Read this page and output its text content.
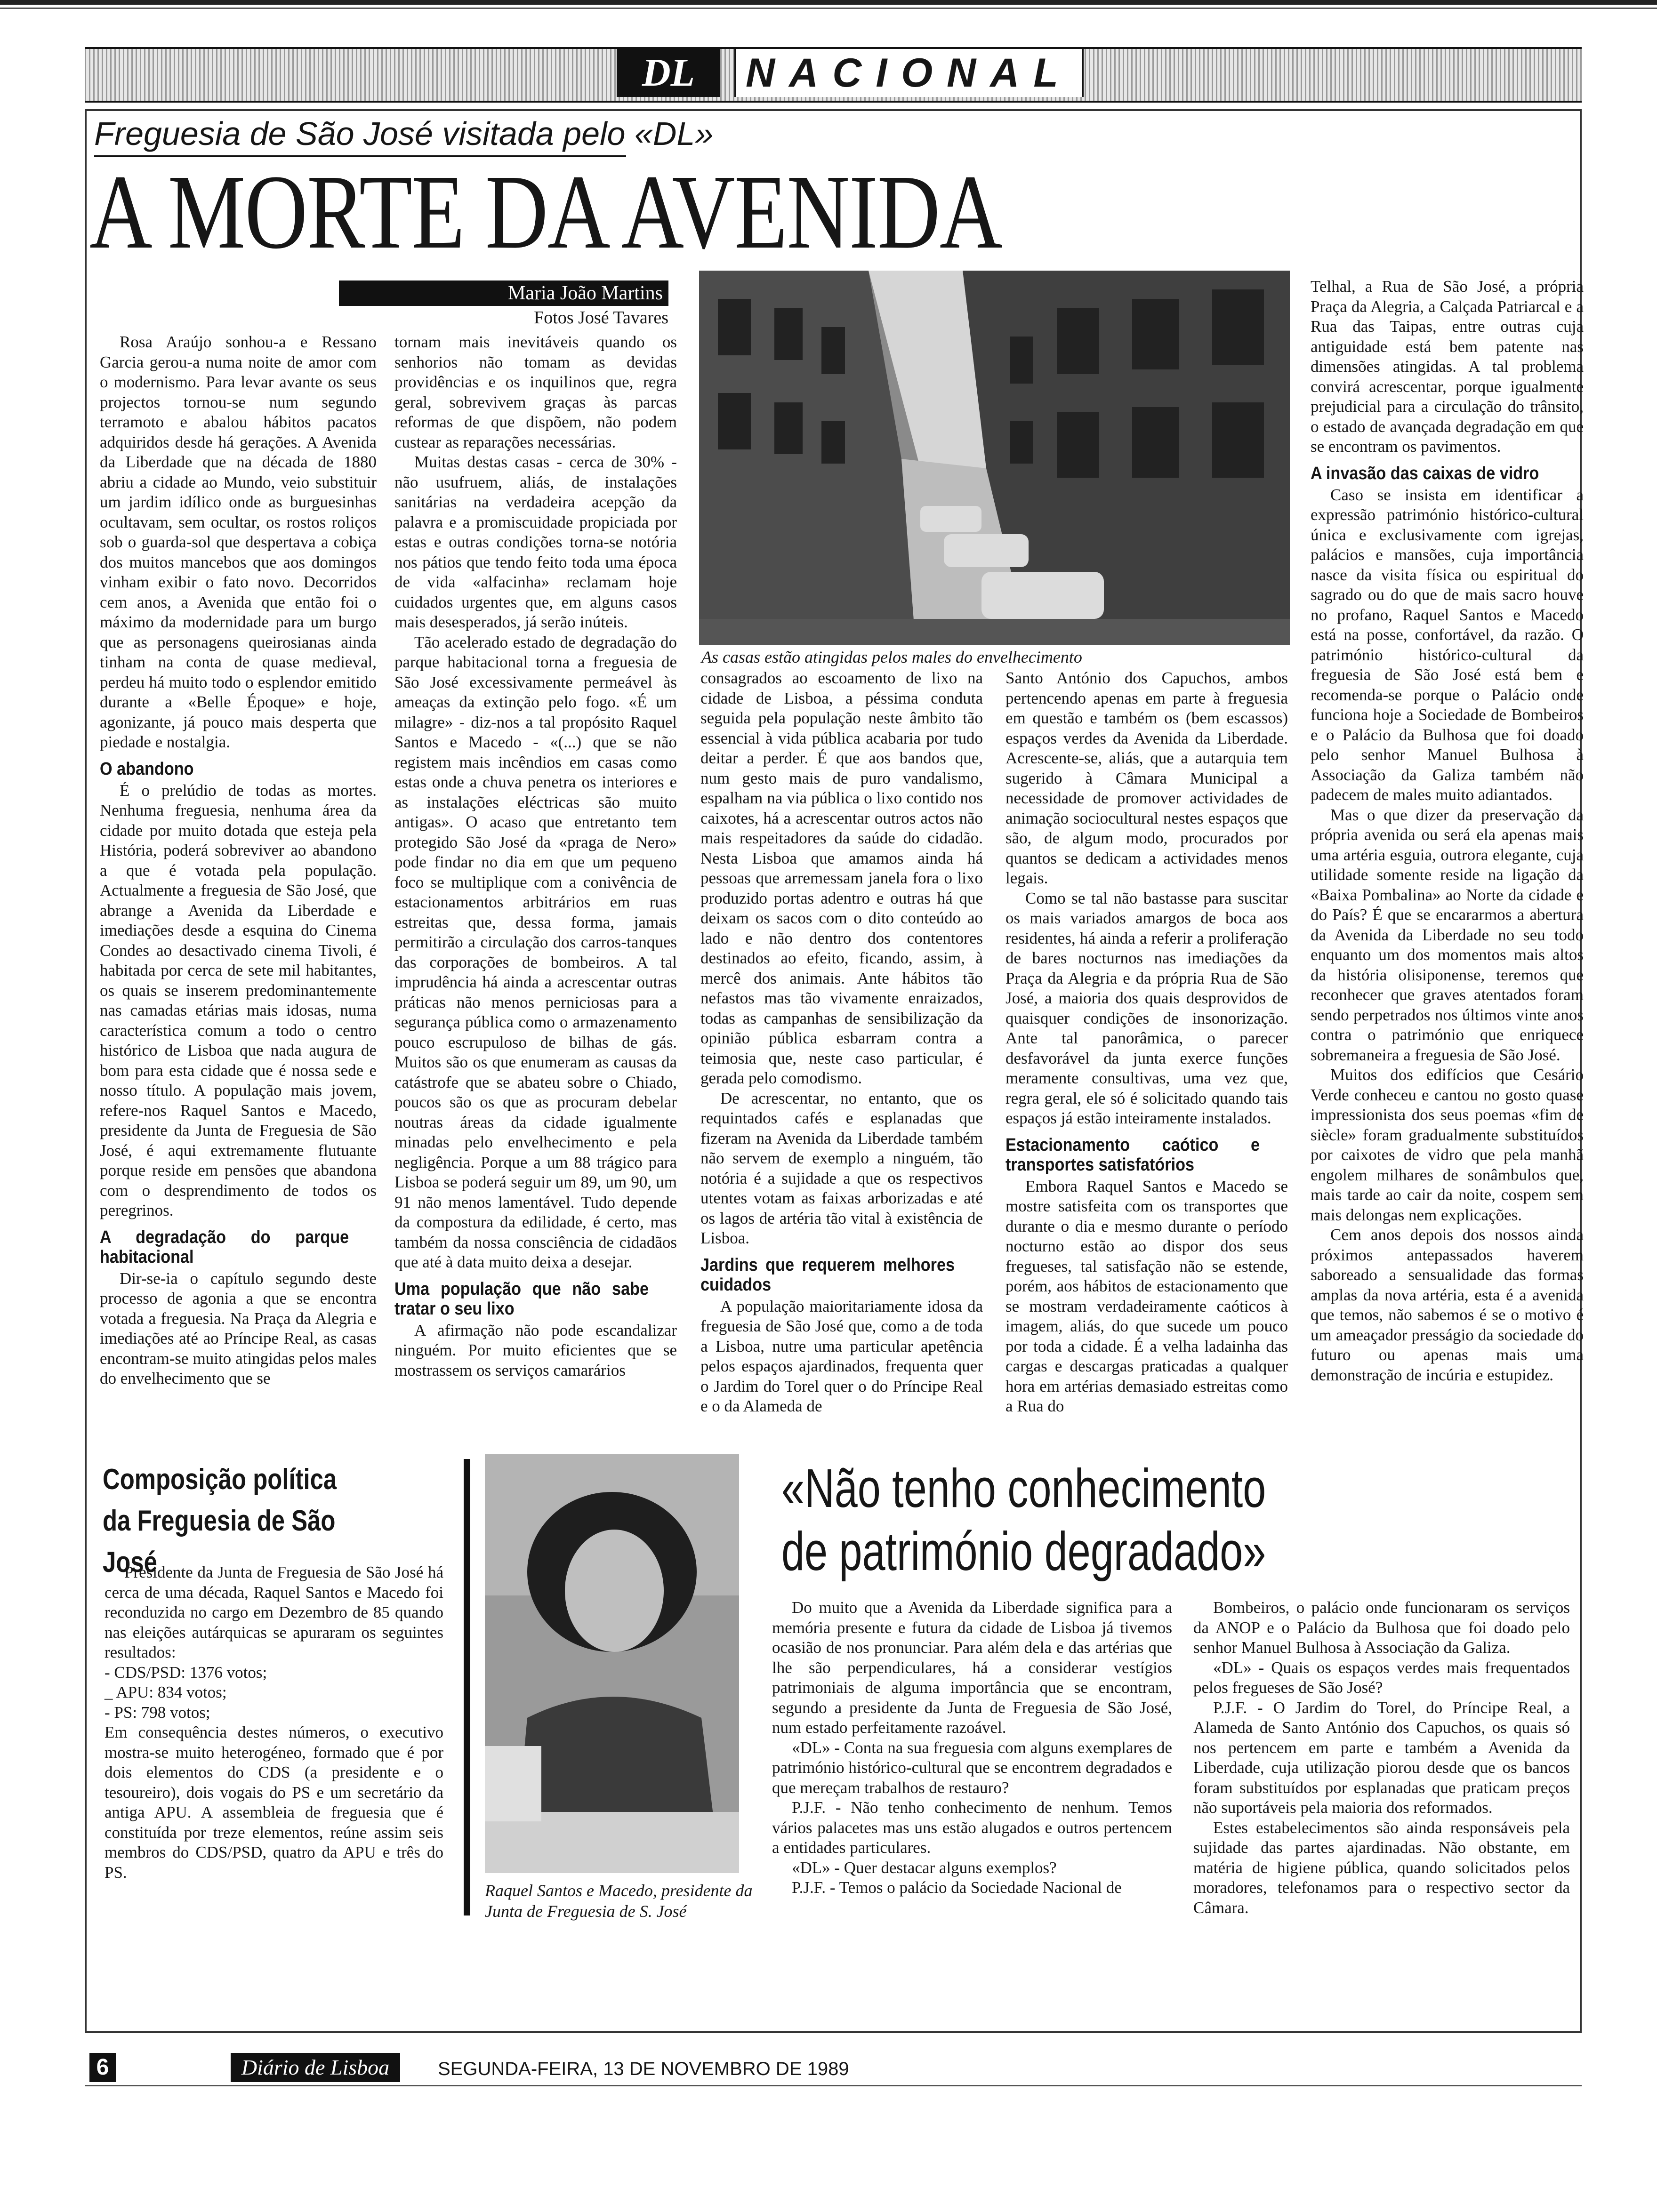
DL	NACIONAL
Freguesia de São José visitada pelo «DL»
A MORTE DA AVENIDA
Maria João Martins
Fotos José Tavares

Rosa Araújo sonhou-a e Ressano Garcia gerou-a numa noite de amor com o modernismo. Para levar avante os seus projectos tornou-se num segundo terramoto e abalou hábitos pacatos adquiridos desde há gerações. A Avenida da Liberdade que na década de 1880 abriu a cidade ao Mundo, veio substituir um jardim idílico onde as burguesinhas ocultavam, sem ocultar, os rostos roliços sob o guarda-sol que despertava a cobiça dos muitos mancebos que aos domingos vinham exibir o fato novo. Decorridos cem anos, a Avenida que então foi o máximo da modernidade para um burgo que as personagens queirosianas ainda tinham na conta de quase medieval, perdeu há muito todo o esplendor emitido durante a «Belle Époque» e hoje, agonizante, já pouco mais desperta que piedade e nostalgia.

O abandono

É o prelúdio de todas as mortes. Nenhuma freguesia, nenhuma área da cidade por muito dotada que esteja pela História, poderá sobreviver ao abandono a que é votada pela população. Actualmente a freguesia de São José, que abrange a Avenida da Liberdade e imediações desde a esquina do Cinema Condes ao desactivado cinema Tivoli, é habitada por cerca de sete mil habitantes, os quais se inserem predominantemente nas camadas etárias mais idosas, numa característica comum a todo o centro histórico de Lisboa que nada augura de bom para esta cidade que é nossa sede e nosso título. A população mais jovem, refere-nos Raquel Santos e Macedo, presidente da Junta de Freguesia de São José, é aqui extremamente flutuante porque reside em pensões que abandona com o desprendimento de todos os peregrinos.

A degradação do parque habitacional

Dir-se-ia o capítulo segundo deste processo de agonia a que se encontra votada a freguesia. Na Praça da Alegria e imediações até ao Príncipe Real, as casas encontram-se muito atingidas pelos males do envelhecimento que se

tornam mais inevitáveis quando os senhorios não tomam as devidas providências e os inquilinos que, regra geral, sobrevivem graças às parcas reformas de que dispõem, não podem custear as reparações necessárias.

Muitas destas casas - cerca de 30% - não usufruem, aliás, de instalações sanitárias na verdadeira acepção da palavra e a promiscuidade propiciada por estas e outras condições torna-se notória nos pátios que tendo feito toda uma época de vida «alfacinha» reclamam hoje cuidados urgentes que, em alguns casos mais desesperados, já serão inúteis.

Tão acelerado estado de degradação do parque habitacional torna a freguesia de São José excessivamente permeável às ameaças da extinção pelo fogo. «É um milagre» - diz-nos a tal propósito Raquel Santos e Macedo - «(...) que se não registem mais incêndios em casas como estas onde a chuva penetra os interiores e as instalações eléctricas são muito antigas». O acaso que entretanto tem protegido São José da «praga de Nero» pode findar no dia em que um pequeno foco se multiplique com a conivência de estacionamentos arbitrários em ruas estreitas que, dessa forma, jamais permitirão a circulação dos carros-tanques das corporações de bombeiros. A tal imprudência há ainda a acrescentar outras práticas não menos perniciosas para a segurança pública como o armazenamento pouco escrupuloso de bilhas de gás. Muitos são os que enumeram as causas da catástrofe que se abateu sobre o Chiado, poucos são os que as procuram debelar noutras áreas da cidade igualmente minadas pelo envelhecimento e pela negligência. Porque a um 88 trágico para Lisboa se poderá seguir um 89, um 90, um 91 não menos lamentável. Tudo depende da compostura da edilidade, é certo, mas também da nossa consciência de cidadãos que até à data muito deixa a desejar.

Uma população que não sabe tratar o seu lixo

A afirmação não pode escandalizar ninguém. Por muito eficientes que se mostrassem os serviços camarários

As casas estão atingidas pelos males do envelhecimento

consagrados ao escoamento de lixo na cidade de Lisboa, a péssima conduta seguida pela população neste âmbito tão essencial à vida pública acabaria por tudo deitar a perder. É que aos bandos que, num gesto mais de puro vandalismo, espalham na via pública o lixo contido nos caixotes, há a acrescentar outros actos não mais respeitadores da saúde do cidadão. Nesta Lisboa que amamos ainda há pessoas que arremessam janela fora o lixo produzido portas adentro e outras há que deixam os sacos com o dito conteúdo ao lado e não dentro dos contentores destinados ao efeito, ficando, assim, à mercê dos animais. Ante hábitos tão nefastos mas tão vivamente enraizados, todas as campanhas de sensibilização da opinião pública esbarram contra a teimosia que, neste caso particular, é gerada pelo comodismo.

De acrescentar, no entanto, que os requintados cafés e esplanadas que fizeram na Avenida da Liberdade também não servem de exemplo a ninguém, tão notória é a sujidade a que os respectivos utentes votam as faixas arborizadas e até os lagos de artéria tão vital à existência de Lisboa.

Jardins que requerem melhores cuidados

A população maioritariamente idosa da freguesia de São José que, como a de toda a Lisboa, nutre uma particular apetência pelos espaços ajardinados, frequenta quer o Jardim do Torel quer o do Príncipe Real e o da Alameda de

Santo António dos Capuchos, ambos pertencendo apenas em parte à freguesia em questão e também os (bem escassos) espaços verdes da Avenida da Liberdade. Acrescente-se, aliás, que a autarquia tem sugerido à Câmara Municipal a necessidade de promover actividades de animação sociocultural nestes espaços que são, de algum modo, procurados por quantos se dedicam a actividades menos legais.

Como se tal não bastasse para suscitar os mais variados amargos de boca aos residentes, há ainda a referir a proliferação de bares nocturnos nas imediações da Praça da Alegria e da própria Rua de São José, a maioria dos quais desprovidos de quaisquer condições de insonorização. Ante tal panorâmica, o parecer desfavorável da junta exerce funções meramente consultivas, uma vez que, regra geral, ele só é solicitado quando tais espaços já estão inteiramente instalados.

Estacionamento caótico e transportes satisfatórios

Embora Raquel Santos e Macedo se mostre satisfeita com os transportes que durante o dia e mesmo durante o período nocturno estão ao dispor dos seus fregueses, tal satisfação não se estende, porém, aos hábitos de estacionamento que se mostram verdadeiramente caóticos à imagem, aliás, do que sucede um pouco por toda a cidade. É a velha ladainha das cargas e descargas praticadas a qualquer hora em artérias demasiado estreitas como a Rua do

Telhal, a Rua de São José, a própria Praça da Alegria, a Calçada Patriarcal e a Rua das Taipas, entre outras cuja antiguidade está bem patente nas dimensões atingidas. A tal problema convirá acrescentar, porque igualmente prejudicial para a circulação do trânsito, o estado de avançada degradação em que se encontram os pavimentos.

A invasão das caixas de vidro

Caso se insista em identificar a expressão património histórico-cultural única e exclusivamente com igrejas, palácios e mansões, cuja importância nasce da visita física ou espiritual do sagrado ou do que de mais sacro houve no profano, Raquel Santos e Macedo está na posse, confortável, da razão. O património histórico-cultural da freguesia de São José está bem e recomenda-se porque o Palácio onde funciona hoje a Sociedade de Bombeiros e o Palácio da Bulhosa que foi doado pelo senhor Manuel Bulhosa à Associação da Galiza também não padecem de males muito adiantados.

Mas o que dizer da preservação da própria avenida ou será ela apenas mais uma artéria esguia, outrora elegante, cuja utilidade somente reside na ligação da «Baixa Pombalina» ao Norte da cidade e do País? É que se encararmos a abertura da Avenida da Liberdade no seu todo enquanto um dos momentos mais altos da história olisiponense, teremos que reconhecer que graves atentados foram sendo perpetrados nos últimos vinte anos contra o património que enriquece sobremaneira a freguesia de São José.

Muitos dos edifícios que Cesário Verde conheceu e cantou no gosto quase impressionista dos seus poemas «fim de siècle» foram gradualmente substituídos por caixotes de vidro que pela manhã engolem milhares de sonâmbulos que, mais tarde ao cair da noite, cospem sem mais delongas nem explicações.

Cem anos depois dos nossos ainda próximos antepassados haverem saboreado a sensualidade das formas amplas da nova artéria, esta é a avenida que temos, não sabemos é se o motivo é um ameaçador presságio da sociedade do futuro ou apenas mais uma demonstração de incúria e estupidez.

Composição política
da Freguesia de São José

Presidente da Junta de Freguesia de São José há cerca de uma década, Raquel Santos e Macedo foi reconduzida no cargo em Dezembro de 85 quando nas eleições autárquicas se apuraram os seguintes resultados:

- CDS/PSD: 1376 votos;

_ APU: 834 votos;

- PS: 798 votos;

Em consequência destes números, o executivo mostra-se muito heterogéneo, formado que é por dois elementos do CDS (a presidente e o tesoureiro), dois vogais do PS e um secretário da antiga APU. A assembleia de freguesia que é constituída por treze elementos, reúne assim seis membros do CDS/PSD, quatro da APU e três do PS.

Raquel Santos e Macedo, presidente da Junta de Freguesia de S. José
«Não tenho conhecimento
de património degradado»

Do muito que a Avenida da Liberdade significa para a memória presente e futura da cidade de Lisboa já tivemos ocasião de nos pronunciar. Para além dela e das artérias que lhe são perpendiculares, há a considerar vestígios patrimoniais de alguma importância que se encontram, segundo a presidente da Junta de Freguesia de São José, num estado perfeitamente razoável.

«DL» - Conta na sua freguesia com alguns exemplares de património histórico-cultural que se encontrem degradados e que mereçam trabalhos de restauro?

P.J.F. - Não tenho conhecimento de nenhum. Temos vários palacetes mas uns estão alugados e outros pertencem a entidades particulares.

«DL» - Quer destacar alguns exemplos?

P.J.F. - Temos o palácio da Sociedade Nacional de

Bombeiros, o palácio onde funcionaram os serviços da ANOP e o Palácio da Bulhosa que foi doado pelo senhor Manuel Bulhosa à Associação da Galiza.

«DL» - Quais os espaços verdes mais frequentados pelos fregueses de São José?

P.J.F. - O Jardim do Torel, do Príncipe Real, a Alameda de Santo António dos Capuchos, os quais só nos pertencem em parte e também a Avenida da Liberdade, cuja utilização piorou desde que os bancos foram substituídos por esplanadas que praticam preços não suportáveis pela maioria dos reformados.

Estes estabelecimentos são ainda responsáveis pela sujidade das partes ajardinadas. Não obstante, em matéria de higiene pública, quando solicitados pelos moradores, telefonamos para o respectivo sector da Câmara.

6	Diário de Lisboa	SEGUNDA-FEIRA, 13 DE NOVEMBRO DE 1989
